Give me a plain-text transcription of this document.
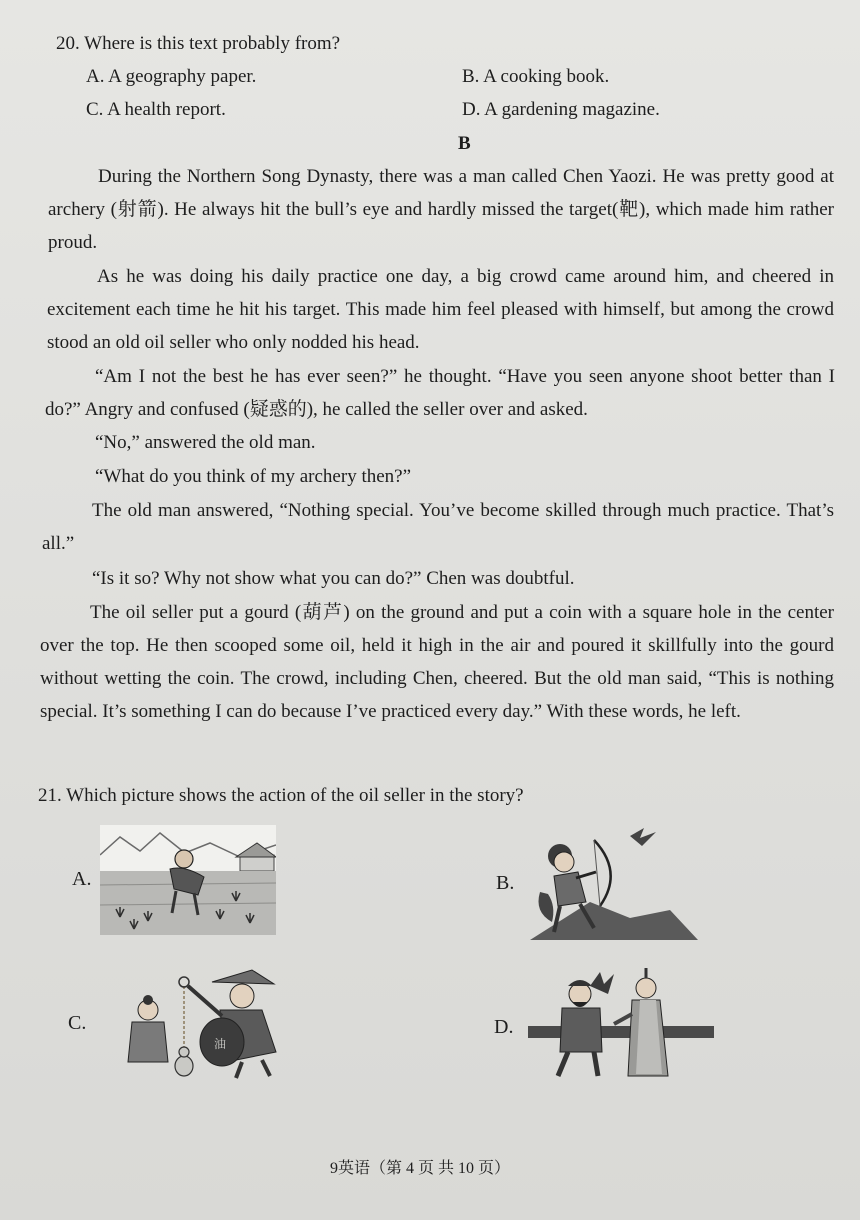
20. Where is this text probably from?
A. A geography paper.	B. A cooking book.
C. A health report.	D. A gardening magazine.
B
During the Northern Song Dynasty, there was a man called Chen Yaozi. He was pretty good at archery (射箭). He always hit the bull’s eye and hardly missed the target(靶), which made him rather proud.
As he was doing his daily practice one day, a big crowd came around him, and cheered in excitement each time he hit his target. This made him feel pleased with himself, but among the crowd stood an old oil seller who only nodded his head.
“Am I not the best he has ever seen?” he thought. “Have you seen anyone shoot better than I do?” Angry and confused (疑惑的), he called the seller over and asked.
“No,” answered the old man.
“What do you think of my archery then?”
The old man answered, “Nothing special. You’ve become skilled through much practice. That’s all.”
“Is it so? Why not show what you can do?” Chen was doubtful.
The oil seller put a gourd (葫芦) on the ground and put a coin with a square hole in the center over the top. He then scooped some oil, held it high in the air and poured it skillfully into the gourd without wetting the coin. The crowd, including Chen, cheered. But the old man said, “This is nothing special. It’s something I can do because I’ve practiced every day.” With these words, he left.
21. Which picture shows the action of the oil seller in the story?
A.	B.
C.
油
D.
9英语（第 4 页 共 10 页）
